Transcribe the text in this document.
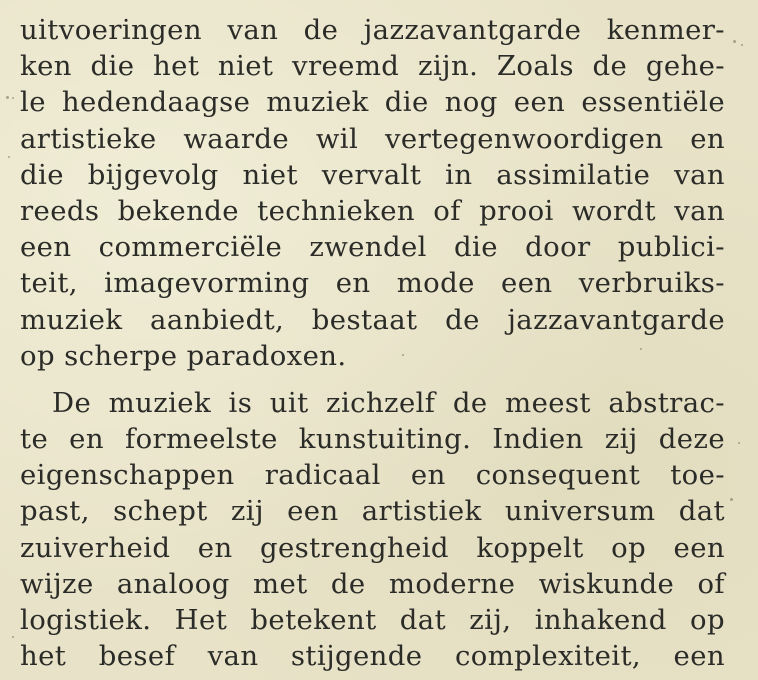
uitvoeringen van de jazzavantgarde kenmer-
ken die het niet vreemd zijn. Zoals de gehe-
le hedendaagse muziek die nog een essentiële
artistieke waarde wil vertegenwoordigen en
die bijgevolg niet vervalt in assimilatie van
reeds bekende technieken of prooi wordt van
een commerciële zwendel die door publici-
teit, imagevorming en mode een verbruiks-
muziek aanbiedt, bestaat de jazzavantgarde
op scherpe paradoxen.
De muziek is uit zichzelf de meest abstrac-
te en formeelste kunstuiting. Indien zij deze
eigenschappen radicaal en consequent toe-
past, schept zij een artistiek universum dat
zuiverheid en gestrengheid koppelt op een
wijze analoog met de moderne wiskunde of
logistiek. Het betekent dat zij, inhakend op
het besef van stijgende complexiteit, een
